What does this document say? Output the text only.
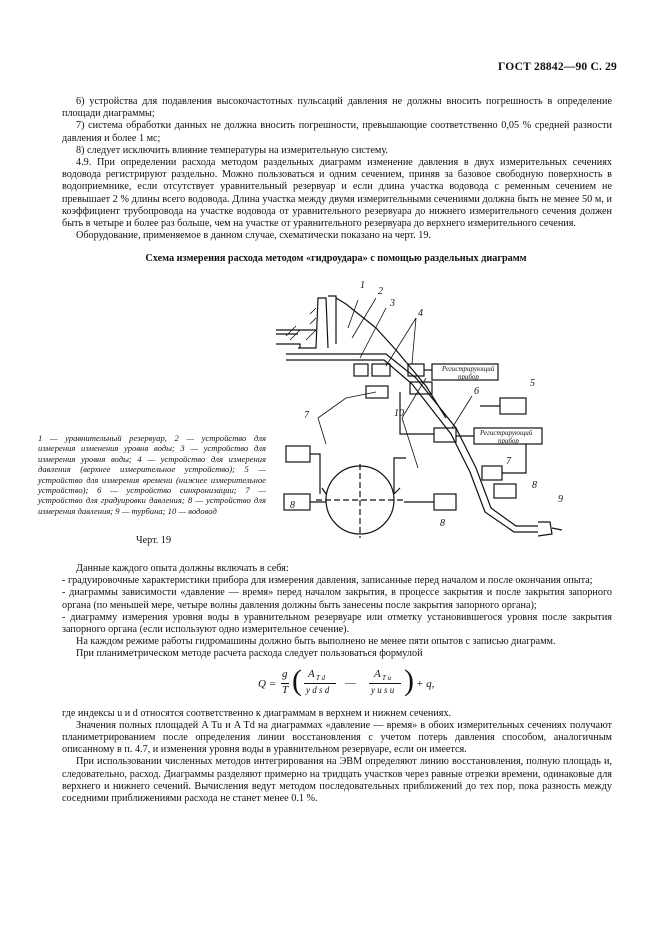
ГОСТ 28842—90 С. 29

6) устройства для подавления высокочастотных пульсаций давления не должны вносить погрешность в определение площади диаграммы;

7) система обработки данных не должна вносить погрешности, превышающие соответственно 0,05 % средней разности давления и более 1 мс;

8) следует исключить влияние температуры на измерительную систему.

4.9. При определении расхода методом раздельных диаграмм изменение давления в двух измерительных сечениях водовода регистрируют раздельно. Можно пользоваться и одним сечением, приняв за базовое свободную поверхность в водоприемнике, если отсутствует уравнительный резервуар и если длина участка водовода с ременным сечением не превышает 2 % длины всего водовода. Длина участка между двумя измерительными сечениями должна быть не менее 50 м, и коэффициент трубопровода на участке водовода от уравнительного резервуара до нижнего измерительного сечения должен быть в четыре и более раз больше, чем на участке от уравнительного резервуара до верхнего измерительного сечения.

Оборудование, применяемое в данном случае, схематически показано на черт. 19.

Схема измерения расхода методом «гидроудара» с помощью раздельных диаграмм
1
2
3
4
5
6
7
7
8
8
8
9
10
Регистрирующий прибор
Регистрирующий прибор
1 — уравнительный резервуар, 2 — устройство для измерения изменения уровня воды; 3 — устройство для измерения уровня воды; 4 — устройство для измерения давления (верхнее измерительное устройство); 5 — устройство для измерения времени (нижнее измерительное устройство); 6 — устройство синхронизации; 7 — устройство для градуировки давления; 8 — устройство для измерения давления; 9 — турбина; 10 — водовод
Черт. 19

Данные каждого опыта должны включать в себя:

- градуировочные характеристики прибора для измерения давления, записанные перед началом и после окончания опыта;

- диаграммы зависимости «давление — время» перед началом закрытия, в процессе закрытия и после закрытия запорного органа (по меньшей мере, четыре волны давления должны быть занесены после закрытия запорного органа);

- диаграмму измерения уровня воды в уравнительном резервуаре или отметку установившегося уровня после закрытия запорного органа (если используют одно измерительное сечение).

На каждом режиме работы гидромашины должно быть выполнено не менее пяти опытов с записью диаграмм.

При планиметрическом методе расчета расхода следует пользоваться формулой

Q =
g
T ( A T d
y d s d
—
A T u
y u s u ) + q,

где индексы u и d относятся соответственно к диаграммам в верхнем и нижнем сечениях.

Значения полных площадей A Tu и A Td на диаграммах «давление — время» в обоих измерительных сечениях получают планиметрированием после определения линии восстановления с учетом потерь давления способом, аналогичным описанному в п. 4.7, и изменения уровня воды в уравнительном резервуаре, если он имеется.

При использовании численных методов интегрирования на ЭВМ определяют линию восстановления, полную площадь и, следовательно, расход. Диаграммы разделяют примерно на тридцать участков через равные отрезки времени, одинаковые для верхнего и нижнего сечений. Вычисления ведут методом последовательных приближений до тех пор, пока разность между соседними приближениями расхода не станет менее 0.1 %.
